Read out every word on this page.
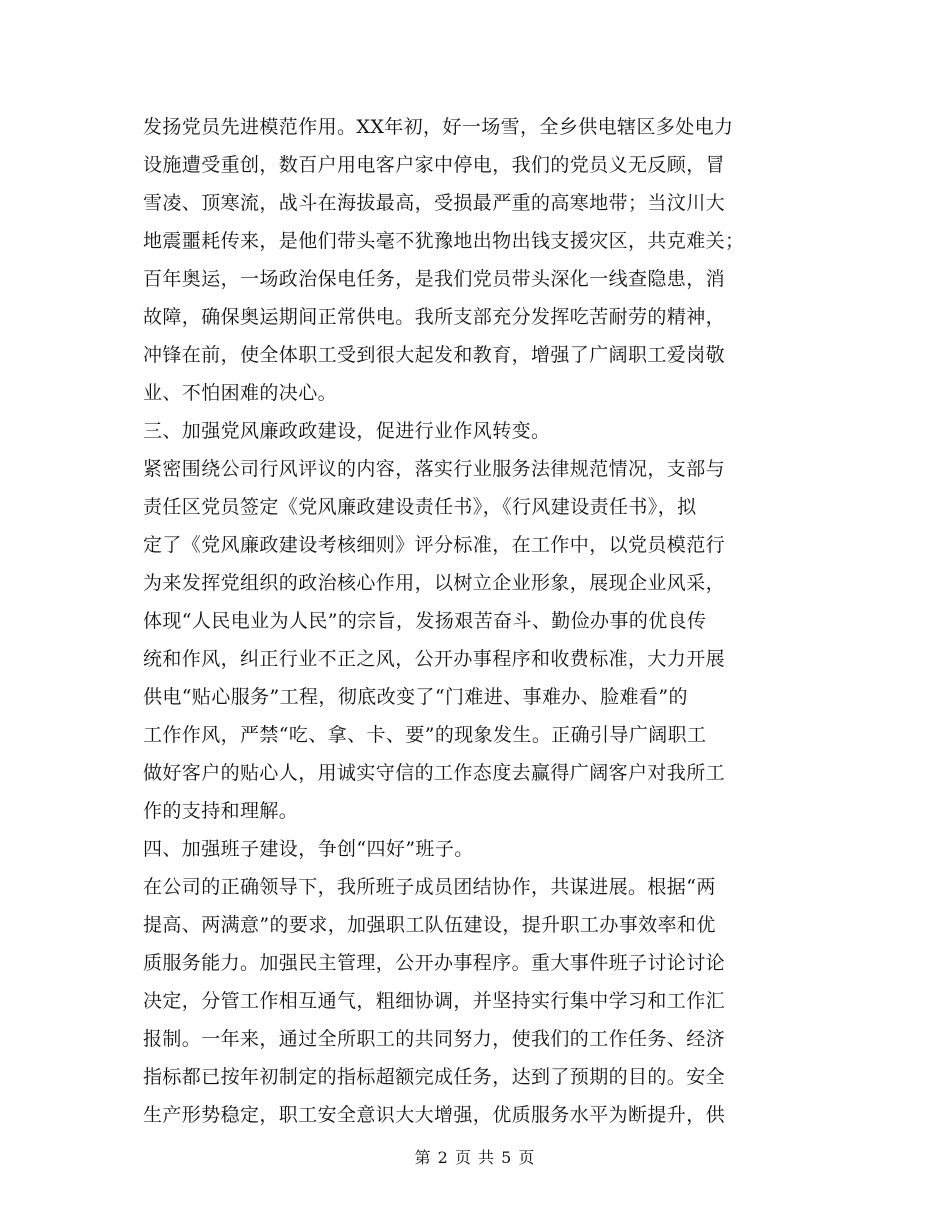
发扬党员先进模范作用。XX年初，好一场雪，全乡供电辖区多处电力
设施遭受重创，数百户用电客户家中停电，我们的党员义无反顾，冒
雪凌、顶寒流，战斗在海拔最高，受损最严重的高寒地带；当汶川大
地震噩耗传来，是他们带头毫不犹豫地出物出钱支援灾区，共克难关；
百年奥运，一场政治保电任务，是我们党员带头深化一线查隐患，消
故障，确保奥运期间正常供电。我所支部充分发挥吃苦耐劳的精神，
冲锋在前，使全体职工受到很大起发和教育，增强了广阔职工爱岗敬
业、不怕困难的决心。
三、加强党风廉政政建设，促进行业作风转变。
紧密围绕公司行风评议的内容，落实行业服务法律规范情况，支部与
责任区党员签定《党风廉政建设责任书》，《行风建设责任书》，拟
定了《党风廉政建设考核细则》评分标准，在工作中，以党员模范行
为来发挥党组织的政治核心作用，以树立企业形象，展现企业风采，
体现“人民电业为人民”的宗旨，发扬艰苦奋斗、勤俭办事的优良传
统和作风，纠正行业不正之风，公开办事程序和收费标准，大力开展
供电“贴心服务”工程，彻底改变了“门难进、事难办、脸难看”的
工作作风，严禁“吃、拿、卡、要”的现象发生。正确引导广阔职工
做好客户的贴心人，用诚实守信的工作态度去赢得广阔客户对我所工
作的支持和理解。
四、加强班子建设，争创“四好”班子。
在公司的正确领导下，我所班子成员团结协作，共谋进展。根据“两
提高、两满意”的要求，加强职工队伍建设，提升职工办事效率和优
质服务能力。加强民主管理，公开办事程序。重大事件班子讨论讨论
决定，分管工作相互通气，粗细协调，并坚持实行集中学习和工作汇
报制。一年来，通过全所职工的共同努力，使我们的工作任务、经济
指标都已按年初制定的指标超额完成任务，达到了预期的目的。安全
生产形势稳定，职工安全意识大大增强，优质服务水平为断提升，供
第 2 页 共 5 页
